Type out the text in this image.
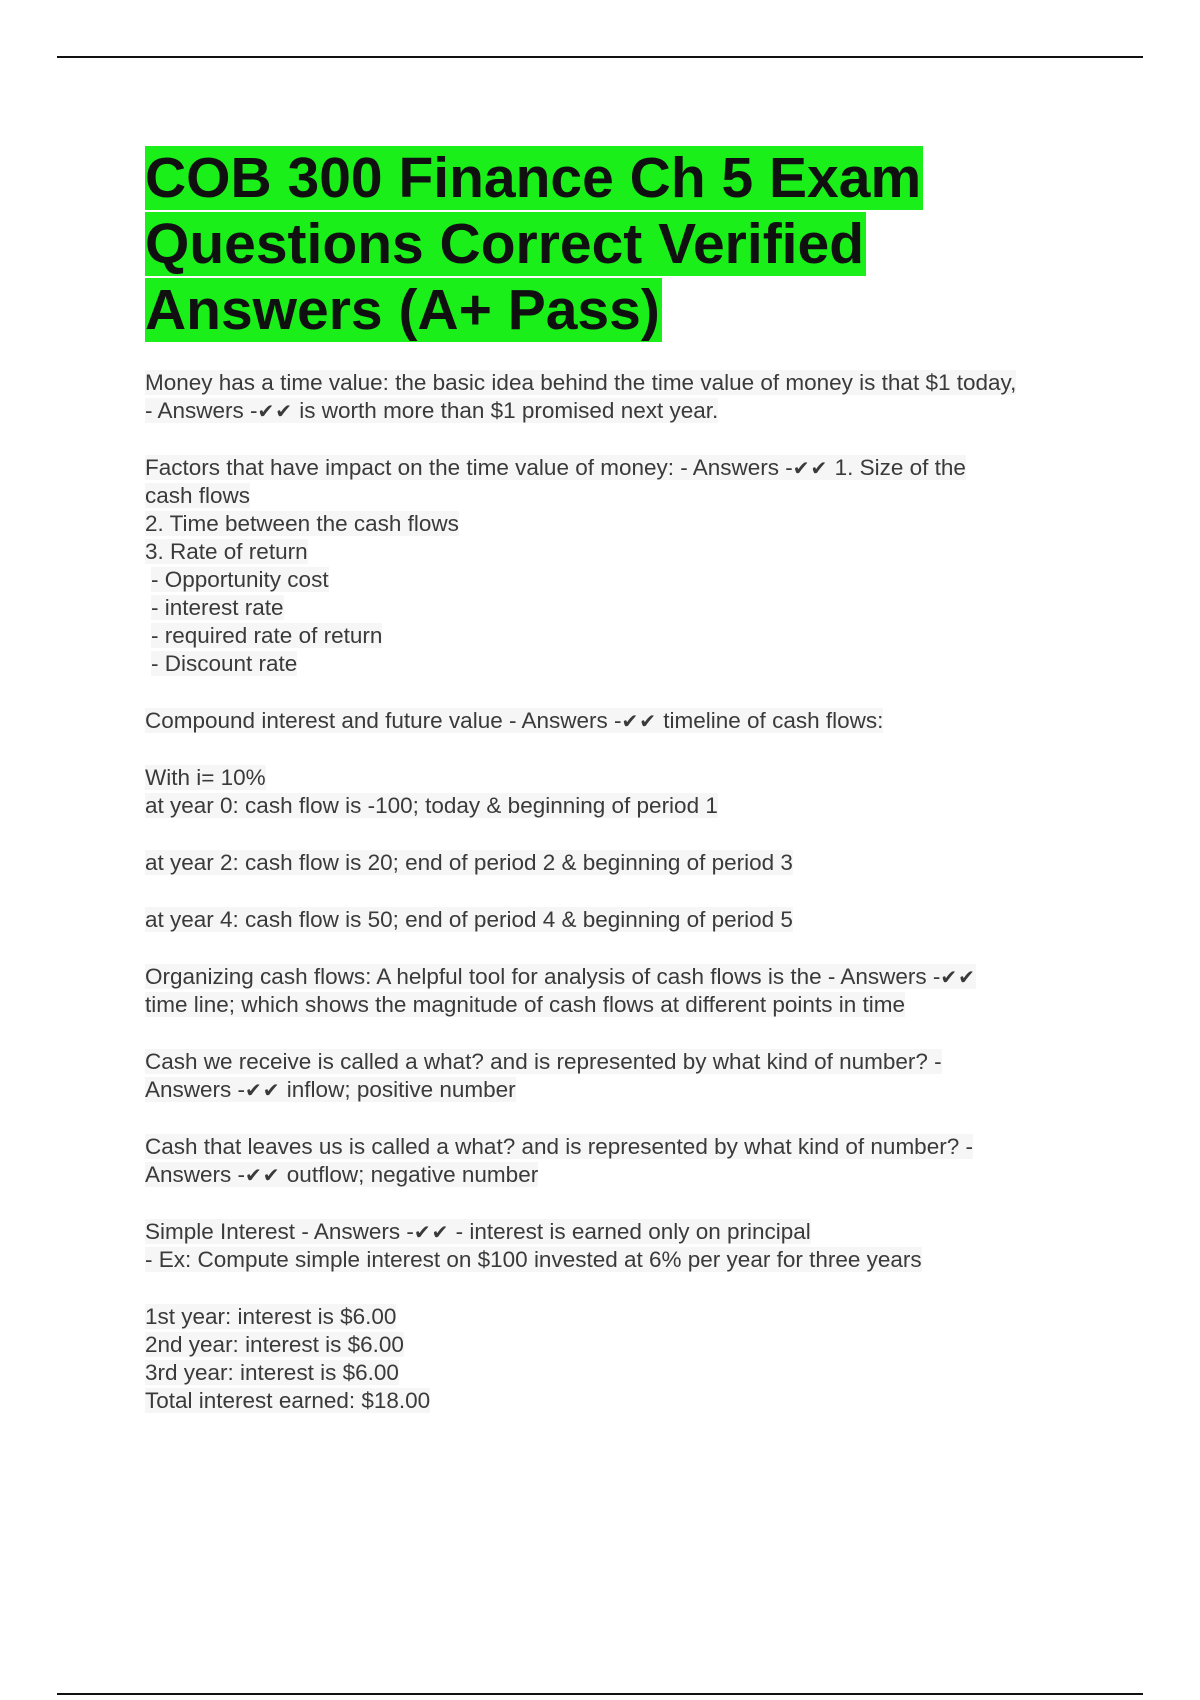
COB 300 Finance Ch 5 Exam
Questions Correct Verified
Answers (A+ Pass)
Money has a time value: the basic idea behind the time value of money is that $1 today,
- Answers -✔✔ is worth more than $1 promised next year.
Factors that have impact on the time value of money: - Answers -✔✔ 1. Size of the
cash flows
2. Time between the cash flows
3. Rate of return
- Opportunity cost
- interest rate
- required rate of return
- Discount rate
Compound interest and future value - Answers -✔✔ timeline of cash flows:
With i= 10%
at year 0: cash flow is -100; today & beginning of period 1
at year 2: cash flow is 20; end of period 2 & beginning of period 3
at year 4: cash flow is 50; end of period 4 & beginning of period 5
Organizing cash flows: A helpful tool for analysis of cash flows is the - Answers -✔✔
time line; which shows the magnitude of cash flows at different points in time
Cash we receive is called a what? and is represented by what kind of number? -
Answers -✔✔ inflow; positive number
Cash that leaves us is called a what? and is represented by what kind of number? -
Answers -✔✔ outflow; negative number
Simple Interest - Answers -✔✔ - interest is earned only on principal
- Ex: Compute simple interest on $100 invested at 6% per year for three years
1st year: interest is $6.00
2nd year: interest is $6.00
3rd year: interest is $6.00
Total interest earned: $18.00
